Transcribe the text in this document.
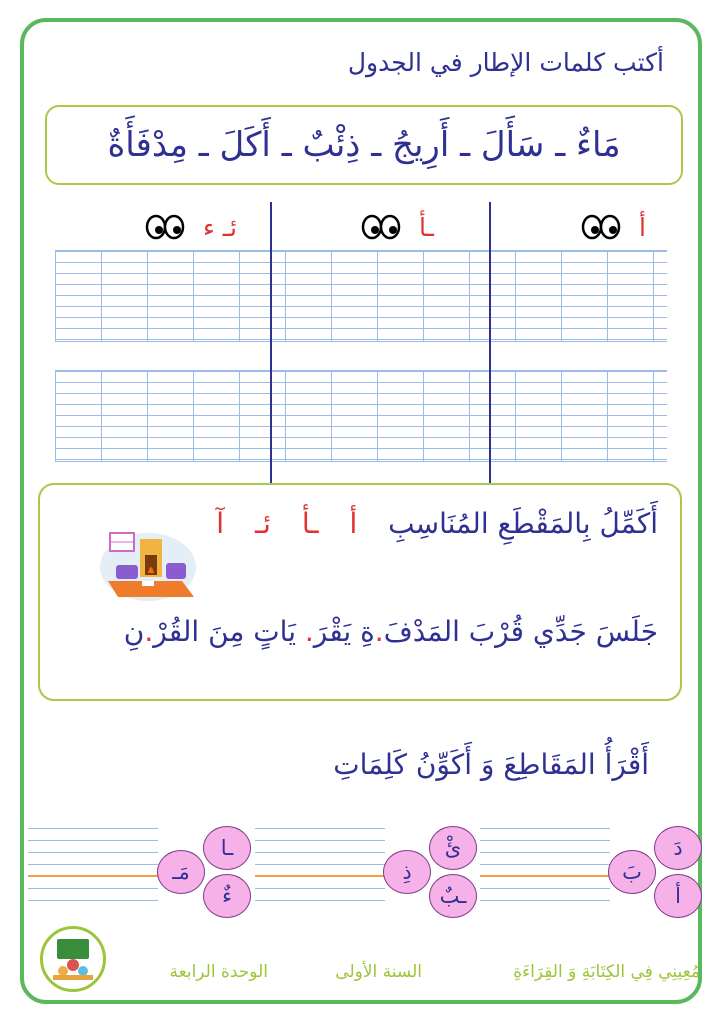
أكتب كلمات الإطار في الجدول
مَاءٌ ـ سَأَلَ ـ أَرِيجُ ـ ذِئْبٌ ـ أَكَلَ ـ مِدْفَأَةٌ
أ
ـأ
ئـ ء
أَكَمِّلُ بِالمَقْطَعِ المُنَاسِبِ أ ـأ ئـ آ
جَلَسَ جَدِّي قُرْبَ المَدْفَ.ةِ يَقْرَ. يَاتٍ مِنَ القُرْ.نِ
أَقْرَأُ المَقَاطِعَ وَ أَكَوِّنُ كَلِمَاتِ
دَ
بَ
أ
ئْ
ذِ
ـبٌ
ـا
مَـ
ءٌ
مُعِينِي فِي الكِتَابَةِ وَ القِرَاءَةِ
السنة الأولى
الوحدة الرابعة
